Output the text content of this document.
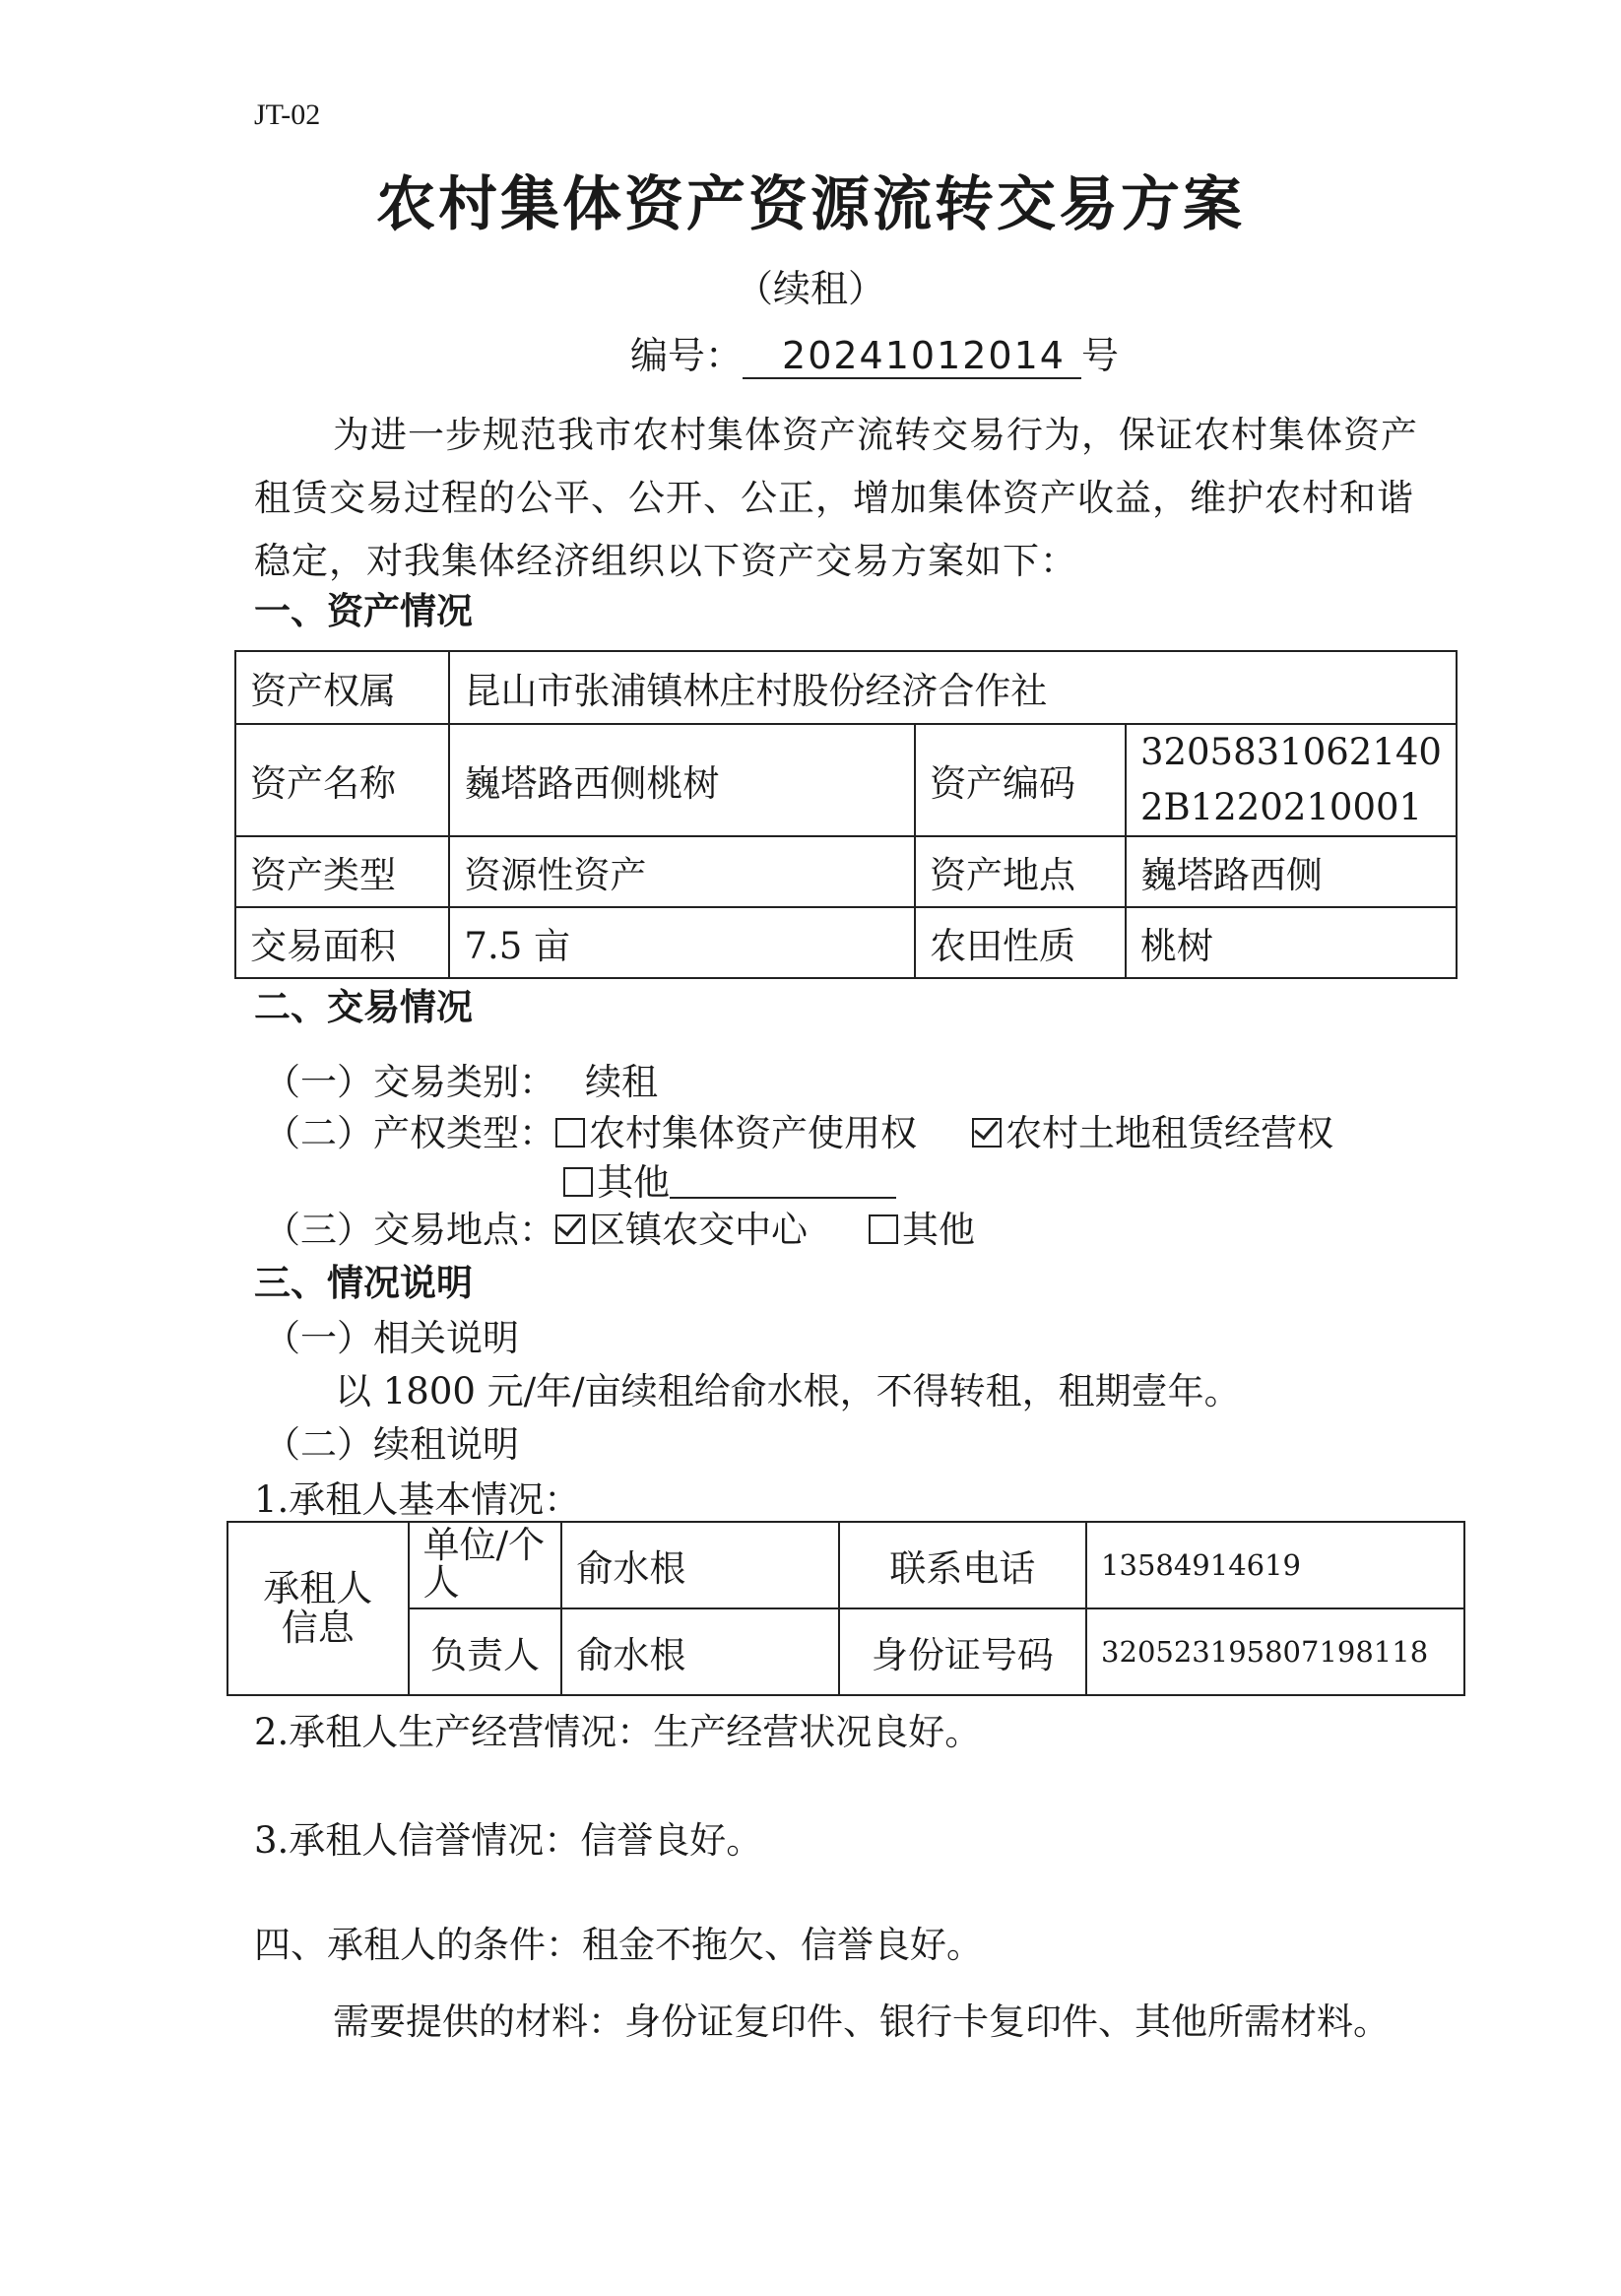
JT-02
农村集体资产资源流转交易方案
（续租）
编号： 20241012014 号
为进一步规范我市农村集体资产流转交易行为，保证农村集体资产租赁交易过程的公平、公开、公正，增加集体资产收益，维护农村和谐稳定，对我集体经济组织以下资产交易方案如下：
一、资产情况
资产权属	昆山市张浦镇林庄村股份经济合作社		
资产名称	巍塔路西侧桃树	资产编码	3205831062140
2B1220210001
资产类型	资源性资产	资产地点	巍塔路西侧
交易面积	7.5 亩	农田性质	桃树
二、交易情况
（一）交易类别： 续租
（二）产权类型： 农村集体资产使用权 农村土地租赁经营权
其他
（三）交易地点： 区镇农交中心	其他
三、情况说明
（一）相关说明
以 1800 元/年/亩续租给俞水根，不得转租，租期壹年。
（二）续租说明
1.承租人基本情况：
承租人
信息	单位/个
人	俞水根	联系电话	13584914619
	负责人	俞水根	身份证号码	320523195807198118
2.承租人生产经营情况：生产经营状况良好。
3.承租人信誉情况：信誉良好。
四、承租人的条件：租金不拖欠、信誉良好。
需要提供的材料：身份证复印件、银行卡复印件、其他所需材料。
